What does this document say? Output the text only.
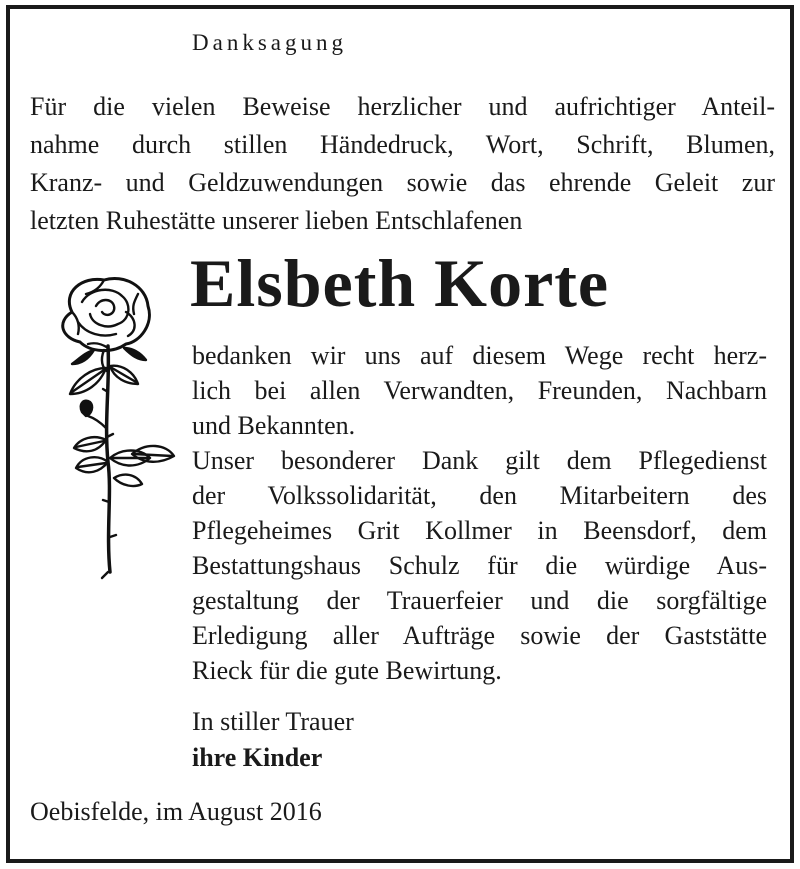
Danksagung
Für die vielen Beweise herzlicher und aufrichtiger Anteil-
nahme durch stillen Händedruck, Wort, Schrift, Blumen,
Kranz- und Geldzuwendungen sowie das ehrende Geleit zur
letzten Ruhestätte unserer lieben Entschlafenen
Elsbeth Korte
bedanken wir uns auf diesem Wege recht herz-
lich bei allen Verwandten, Freunden, Nachbarn
und Bekannten.
Unser besonderer Dank gilt dem Pflegedienst
der Volkssolidarität, den Mitarbeitern des
Pflegeheimes Grit Kollmer in Beensdorf, dem
Bestattungshaus Schulz für die würdige Aus-
gestaltung der Trauerfeier und die sorgfältige
Erledigung aller Aufträge sowie der Gaststätte
Rieck für die gute Bewirtung.
In stiller Trauer
ihre Kinder
Oebisfelde, im August 2016
